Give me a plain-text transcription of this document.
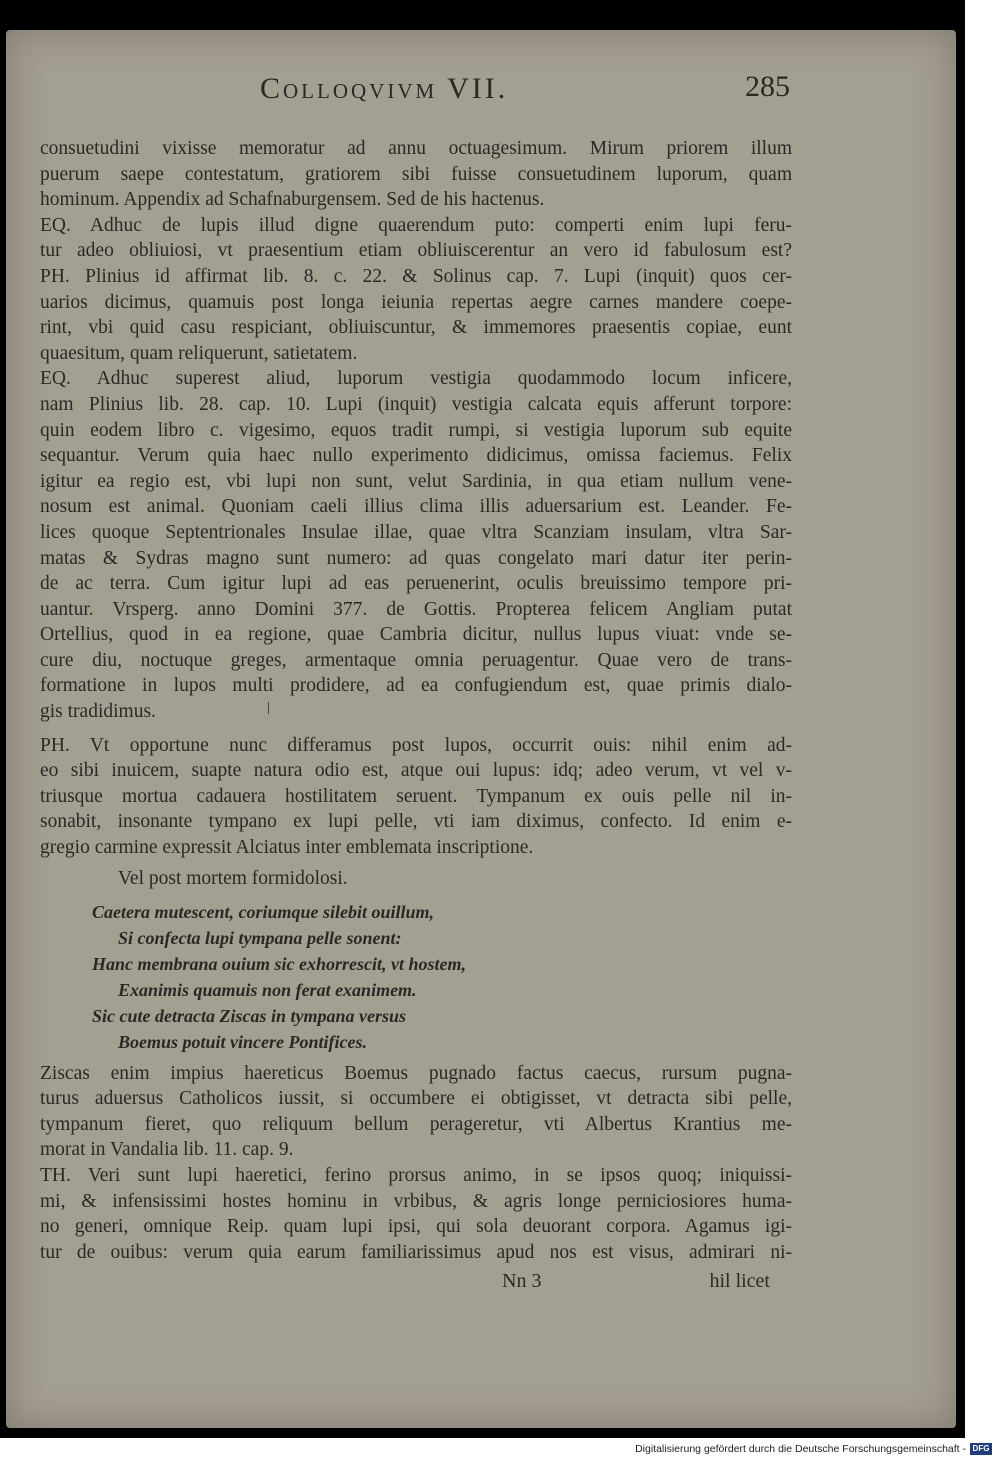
Colloqvivm VII.	285
consuetudini vixisse memoratur ad annu octuagesimum. Mirum priorem illum
puerum saepe contestatum, gratiorem sibi fuisse consuetudinem luporum, quam
hominum. Appendix ad Schafnaburgensem. Sed de his hactenus.
EQ. Adhuc de lupis illud digne quaerendum puto: comperti enim lupi feru-
tur adeo obliuiosi, vt praesentium etiam obliuiscerentur an vero id fabulosum est?
PH. Plinius id affirmat lib. 8. c. 22. & Solinus cap. 7. Lupi (inquit) quos cer-
uarios dicimus, quamuis post longa ieiunia repertas aegre carnes mandere coepe-
rint, vbi quid casu respiciant, obliuiscuntur, & immemores praesentis copiae, eunt
quaesitum, quam reliquerunt, satietatem.
EQ. Adhuc superest aliud, luporum vestigia quodammodo locum inficere,
nam Plinius lib. 28. cap. 10. Lupi (inquit) vestigia calcata equis afferunt torpore:
quin eodem libro c. vigesimo, equos tradit rumpi, si vestigia luporum sub equite
sequantur. Verum quia haec nullo experimento didicimus, omissa faciemus. Felix
igitur ea regio est, vbi lupi non sunt, velut Sardinia, in qua etiam nullum vene-
nosum est animal. Quoniam caeli illius clima illis aduersarium est. Leander. Fe-
lices quoque Septentrionales Insulae illae, quae vltra Scanziam insulam, vltra Sar-
matas & Sydras magno sunt numero: ad quas congelato mari datur iter perin-
de ac terra. Cum igitur lupi ad eas peruenerint, oculis breuissimo tempore pri-
uantur. Vrsperg. anno Domini 377. de Gottis. Propterea felicem Angliam putat
Ortellius, quod in ea regione, quae Cambria dicitur, nullus lupus viuat: vnde se-
cure diu, noctuque greges, armentaque omnia peruagentur. Quae vero de trans-
formatione in lupos multi prodidere, ad ea confugiendum est, quae primis dialo-
gis tradidimus.
PH. Vt opportune nunc differamus post lupos, occurrit ouis: nihil enim ad-
eo sibi inuicem, suapte natura odio est, atque oui lupus: idq; adeo verum, vt vel v-
triusque mortua cadauera hostilitatem seruent. Tympanum ex ouis pelle nil in-
sonabit, insonante tympano ex lupi pelle, vti iam diximus, confecto. Id enim e-
gregio carmine expressit Alciatus inter emblemata inscriptione.
Vel post mortem formidolosi.
Caetera mutescent, coriumque silebit ouillum,
Si confecta lupi tympana pelle sonent:
Hanc membrana ouium sic exhorrescit, vt hostem,
Exanimis quamuis non ferat exanimem.
Sic cute detracta Ziscas in tympana versus
Boemus potuit vincere Pontifices.
Ziscas enim impius haereticus Boemus pugnado factus caecus, rursum pugna-
turus aduersus Catholicos iussit, si occumbere ei obtigisset, vt detracta sibi pelle,
tympanum fieret, quo reliquum bellum perageretur, vti Albertus Krantius me-
morat in Vandalia lib. 11. cap. 9.
TH. Veri sunt lupi haeretici, ferino prorsus animo, in se ipsos quoq; iniquissi-
mi, & infensissimi hostes hominu in vrbibus, & agris longe perniciosiores huma-
no generi, omnique Reip. quam lupi ipsi, qui sola deuorant corpora. Agamus igi-
tur de ouibus: verum quia earum familiarissimus apud nos est visus, admirari ni-
Nn 3	hil licet
Digitalisierung gefördert durch die Deutsche Forschungsgemeinschaft - DFG
